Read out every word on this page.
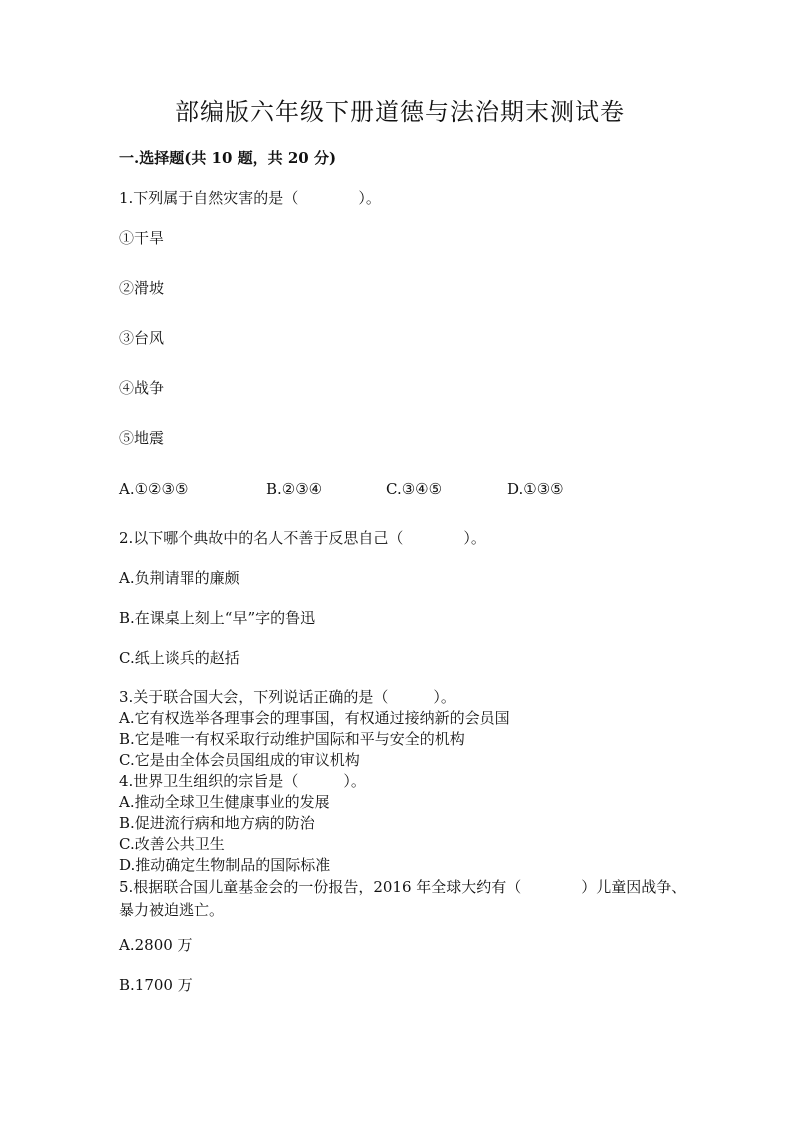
部编版六年级下册道德与法治期末测试卷
一.选择题(共 10 题，共 20 分)
1.下列属于自然灾害的是（　　　　）。
①干旱
②滑坡
③台风
④战争
⑤地震
A.①②③⑤	B.②③④	C.③④⑤	D.①③⑤
2.以下哪个典故中的名人不善于反思自己（　　　　）。
A.负荆请罪的廉颇
B.在课桌上刻上“早”字的鲁迅
C.纸上谈兵的赵括
3.关于联合国大会，下列说话正确的是（　　　）。
A.它有权选举各理事会的理事国，有权通过接纳新的会员国
B.它是唯一有权采取行动维护国际和平与安全的机构
C.它是由全体会员国组成的审议机构
4.世界卫生组织的宗旨是（　　　）。
A.推动全球卫生健康事业的发展
B.促进流行病和地方病的防治
C.改善公共卫生
D.推动确定生物制品的国际标准
5.根据联合国儿童基金会的一份报告，2016 年全球大约有（　　　　）儿童因战争、暴力被迫逃亡。
A.2800 万
B.1700 万
